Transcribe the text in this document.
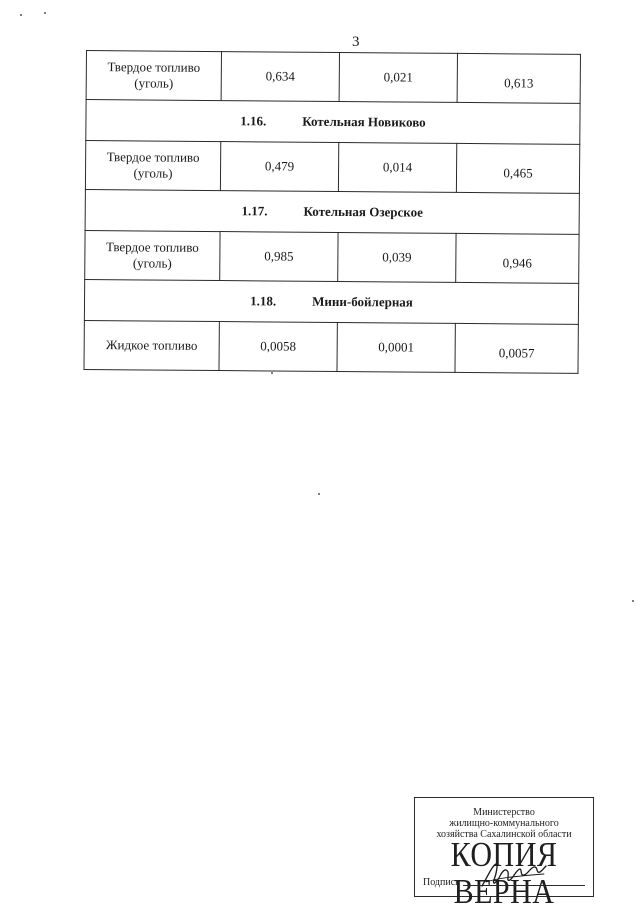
3
Твердое топливо
(уголь)	0,634	0,021	0,613
1.16. Котельная Новиково			

Твердое топливо
(уголь)	0,479	0,014	0,465
1.17. Котельная Озерское			

Твердое топливо
(уголь)	0,985	0,039	0,946
1.18. Мини-бойлерная			

Жидкое топливо	0,0058	0,0001	0,0057
Министерство
жилищно-коммунального
хозяйства Сахалинской области
КОПИЯ ВЕРНА
Подпись
